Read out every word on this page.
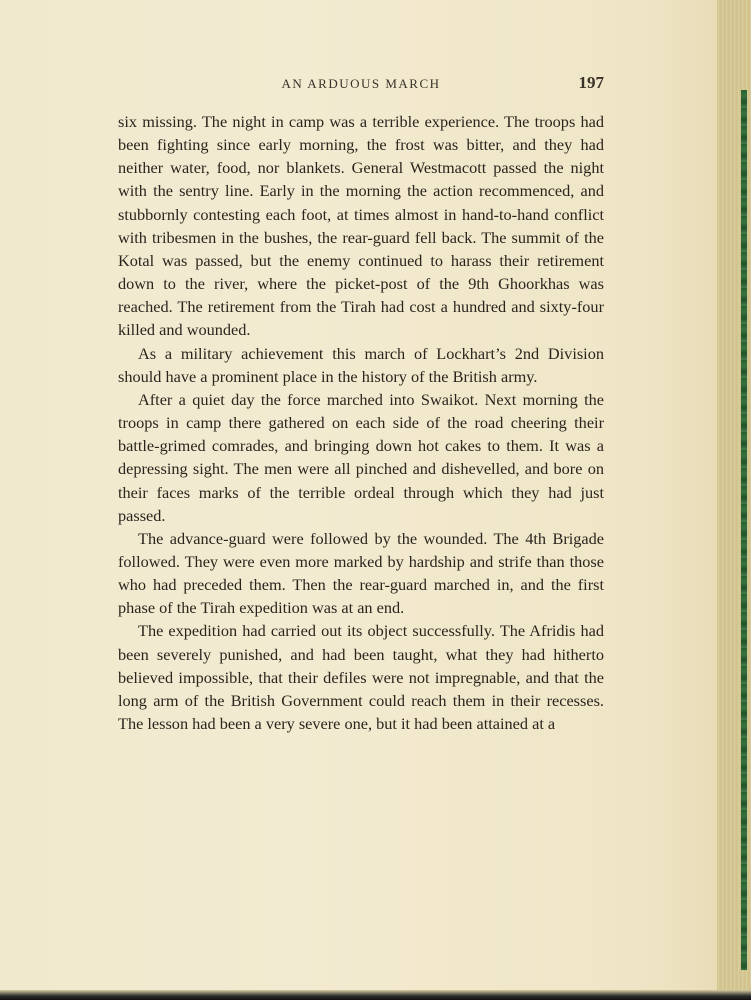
AN ARDUOUS MARCH	197

six missing. The night in camp was a terrible experience. The troops had been fighting since early morning, the frost was bitter, and they had neither water, food, nor blankets. General Westmacott passed the night with the sentry line. Early in the morning the action recommenced, and stubbornly contesting each foot, at times almost in hand-to-hand conflict with tribesmen in the bushes, the rear-guard fell back. The summit of the Kotal was passed, but the enemy continued to harass their retirement down to the river, where the picket-post of the 9th Ghoorkhas was reached. The retirement from the Tirah had cost a hundred and sixty-four killed and wounded.

As a military achievement this march of Lockhart’s 2nd Division should have a prominent place in the history of the British army.

After a quiet day the force marched into Swaikot. Next morning the troops in camp there gathered on each side of the road cheering their battle-grimed comrades, and bringing down hot cakes to them. It was a depressing sight. The men were all pinched and dishevelled, and bore on their faces marks of the terrible ordeal through which they had just passed.

The advance-guard were followed by the wounded. The 4th Brigade followed. They were even more marked by hardship and strife than those who had preceded them. Then the rear-guard marched in, and the first phase of the Tirah expedition was at an end.

The expedition had carried out its object successfully. The Afridis had been severely punished, and had been taught, what they had hitherto believed impossible, that their defiles were not impregnable, and that the long arm of the British Government could reach them in their recesses. The lesson had been a very severe one, but it had been attained at a
